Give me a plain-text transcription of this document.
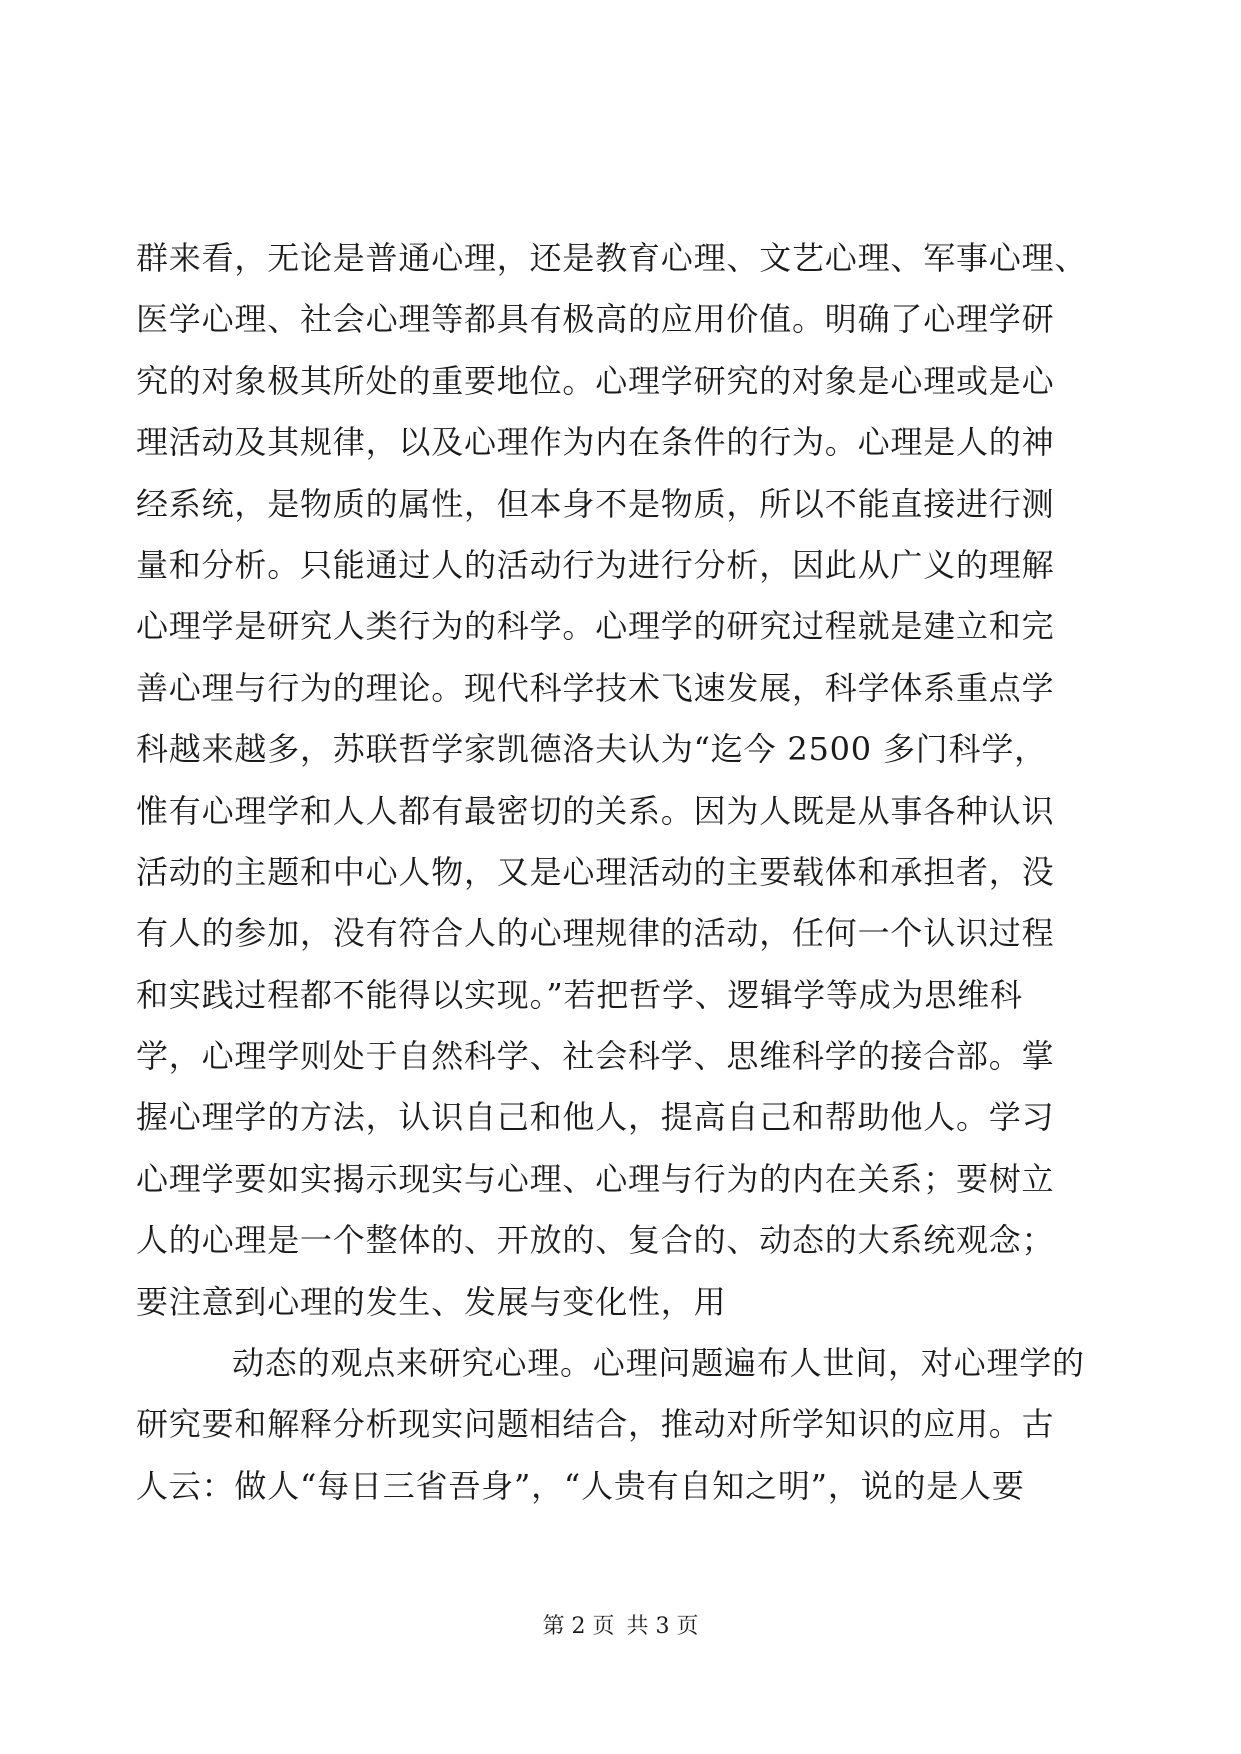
群来看，无论是普通心理，还是教育心理、文艺心理、军事心理、
医学心理、社会心理等都具有极高的应用价值。明确了心理学研
究的对象极其所处的重要地位。心理学研究的对象是心理或是心
理活动及其规律，以及心理作为内在条件的行为。心理是人的神
经系统，是物质的属性，但本身不是物质，所以不能直接进行测
量和分析。只能通过人的活动行为进行分析，因此从广义的理解
心理学是研究人类行为的科学。心理学的研究过程就是建立和完
善心理与行为的理论。现代科学技术飞速发展，科学体系重点学
科越来越多，苏联哲学家凯德洛夫认为“迄今 2500 多门科学，
惟有心理学和人人都有最密切的关系。因为人既是从事各种认识
活动的主题和中心人物，又是心理活动的主要载体和承担者，没
有人的参加，没有符合人的心理规律的活动，任何一个认识过程
和实践过程都不能得以实现。”若把哲学、逻辑学等成为思维科
学，心理学则处于自然科学、社会科学、思维科学的接合部。掌
握心理学的方法，认识自己和他人，提高自己和帮助他人。学习
心理学要如实揭示现实与心理、心理与行为的内在关系；要树立
人的心理是一个整体的、开放的、复合的、动态的大系统观念；
要注意到心理的发生、发展与变化性，用
动态的观点来研究心理。心理问题遍布人世间，对心理学的
研究要和解释分析现实问题相结合，推动对所学知识的应用。古
人云：做人“每日三省吾身”，“人贵有自知之明”，说的是人要
第 2 页 共 3 页
